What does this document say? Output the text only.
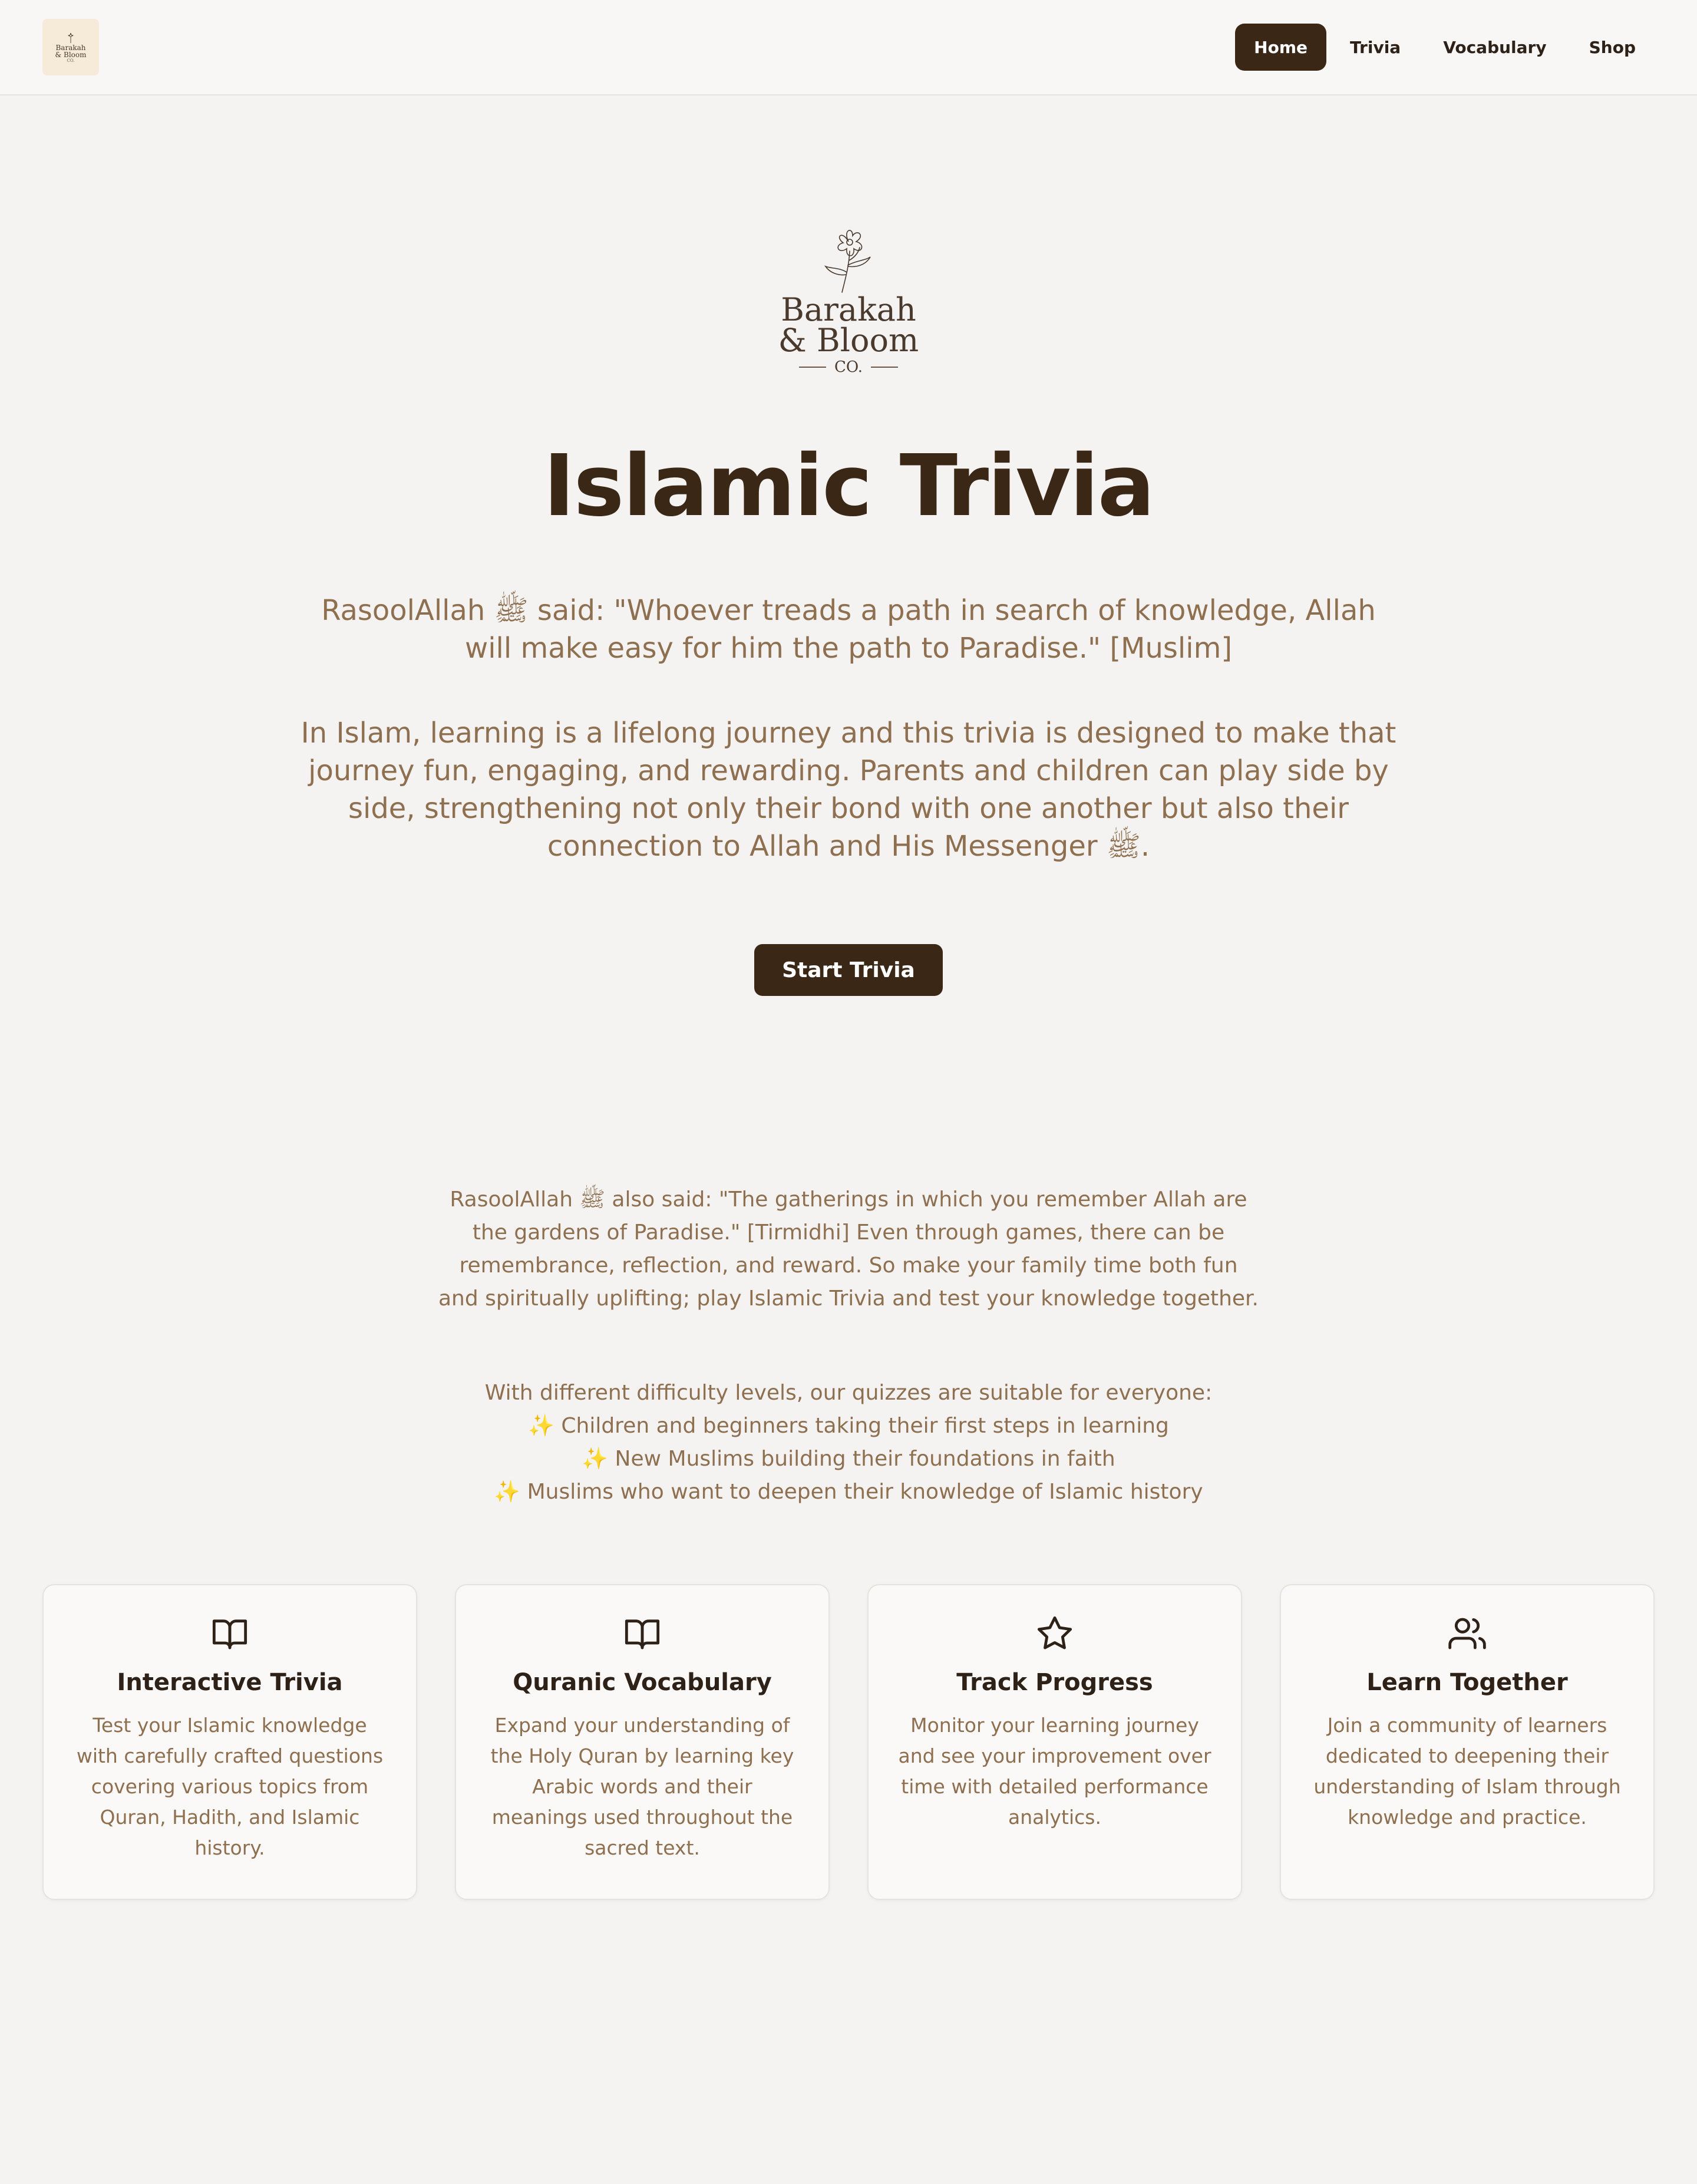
Barakah
& Bloom
CO.
Home	Trivia	Vocabulary	Shop
Barakah
& Bloom
CO.
Islamic Trivia

RasoolAllah ﷺ said: "Whoever treads a path in search of knowledge, Allah will make easy for him the path to Paradise." [Muslim]

In Islam, learning is a lifelong journey and this trivia is designed to make that journey fun, engaging, and rewarding. Parents and children can play side by side, strengthening not only their bond with one another but also their connection to Allah and His Messenger ﷺ.

Start Trivia

RasoolAllah ﷺ also said: "The gatherings in which you remember Allah are the gardens of Paradise." [Tirmidhi] Even through games, there can be remembrance, reflection, and reward. So make your family time both fun and spiritually uplifting; play Islamic Trivia and test your knowledge together.

With different difficulty levels, our quizzes are suitable for everyone:
✨ Children and beginners taking their first steps in learning
✨ New Muslims building their foundations in faith
✨ Muslims who want to deepen their knowledge of Islamic history
Interactive Trivia
Test your Islamic knowledge with carefully crafted questions covering various topics from Quran, Hadith, and Islamic history.
Quranic Vocabulary
Expand your understanding of the Holy Quran by learning key Arabic words and their meanings used throughout the sacred text.
Track Progress
Monitor your learning journey and see your improvement over time with detailed performance analytics.
Learn Together
Join a community of learners dedicated to deepening their understanding of Islam through knowledge and practice.
